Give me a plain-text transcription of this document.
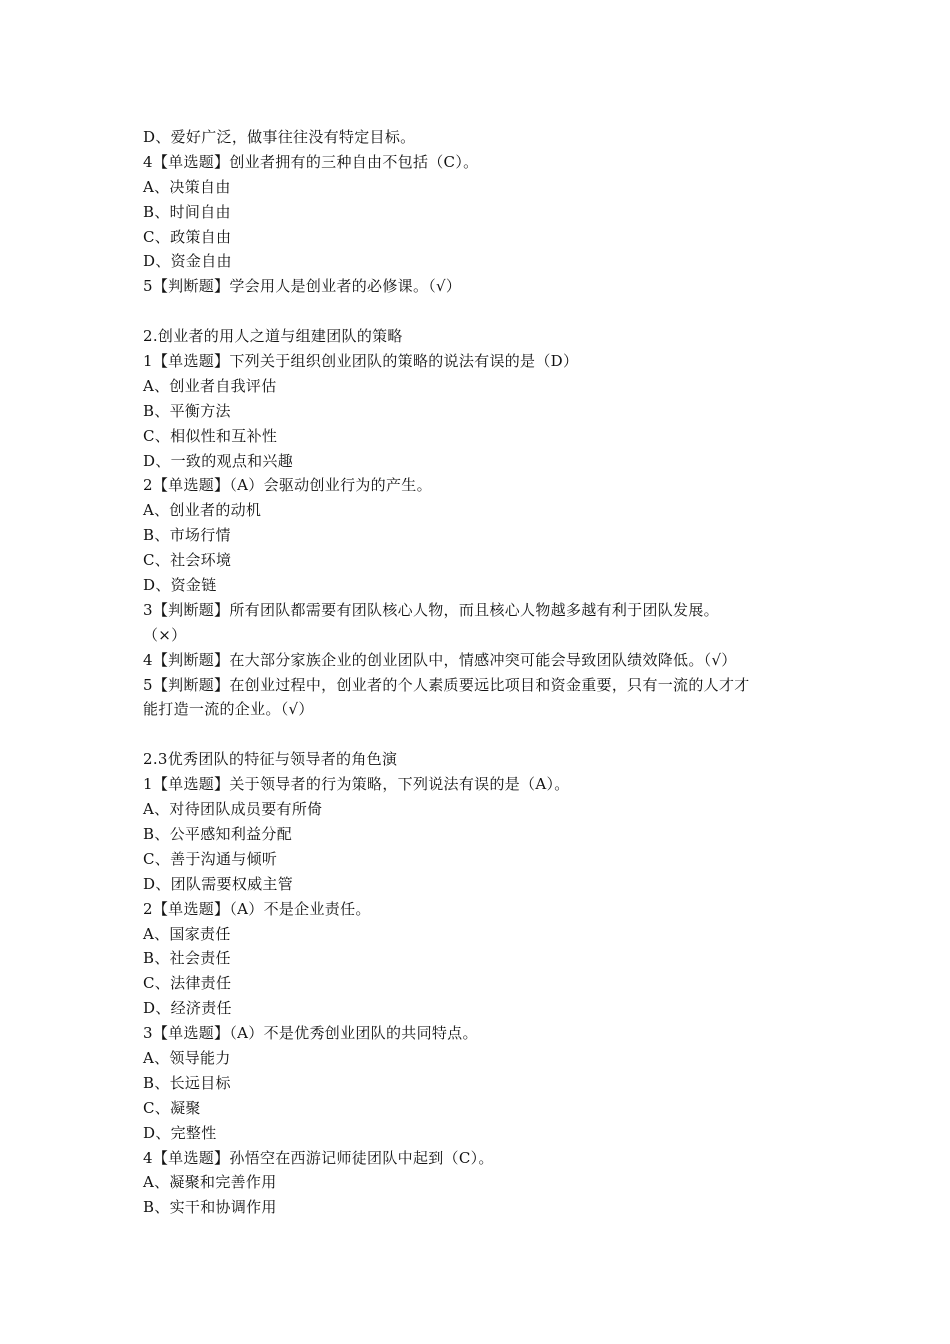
D、爱好广泛，做事往往没有特定目标。
4【单选题】创业者拥有的三种自由不包括（C）。
A、决策自由
B、时间自由
C、政策自由
D、资金自由
5【判断题】学会用人是创业者的必修课。（√）
2.创业者的用人之道与组建团队的策略
1【单选题】下列关于组织创业团队的策略的说法有误的是（D）
A、创业者自我评估
B、平衡方法
C、相似性和互补性
D、一致的观点和兴趣
2【单选题】（A）会驱动创业行为的产生。
A、创业者的动机
B、市场行情
C、社会环境
D、资金链
3【判断题】所有团队都需要有团队核心人物，而且核心人物越多越有利于团队发展。
（×）
4【判断题】在大部分家族企业的创业团队中，情感冲突可能会导致团队绩效降低。（√）
5【判断题】在创业过程中，创业者的个人素质要远比项目和资金重要，只有一流的人才才
能打造一流的企业。（√）
2.3优秀团队的特征与领导者的角色演
1【单选题】关于领导者的行为策略，下列说法有误的是（A）。
A、对待团队成员要有所倚
B、公平感知利益分配
C、善于沟通与倾听
D、团队需要权威主管
2【单选题】（A）不是企业责任。
A、国家责任
B、社会责任
C、法律责任
D、经济责任
3【单选题】（A）不是优秀创业团队的共同特点。
A、领导能力
B、长远目标
C、凝聚
D、完整性
4【单选题】孙悟空在西游记师徒团队中起到（C）。
A、凝聚和完善作用
B、实干和协调作用
